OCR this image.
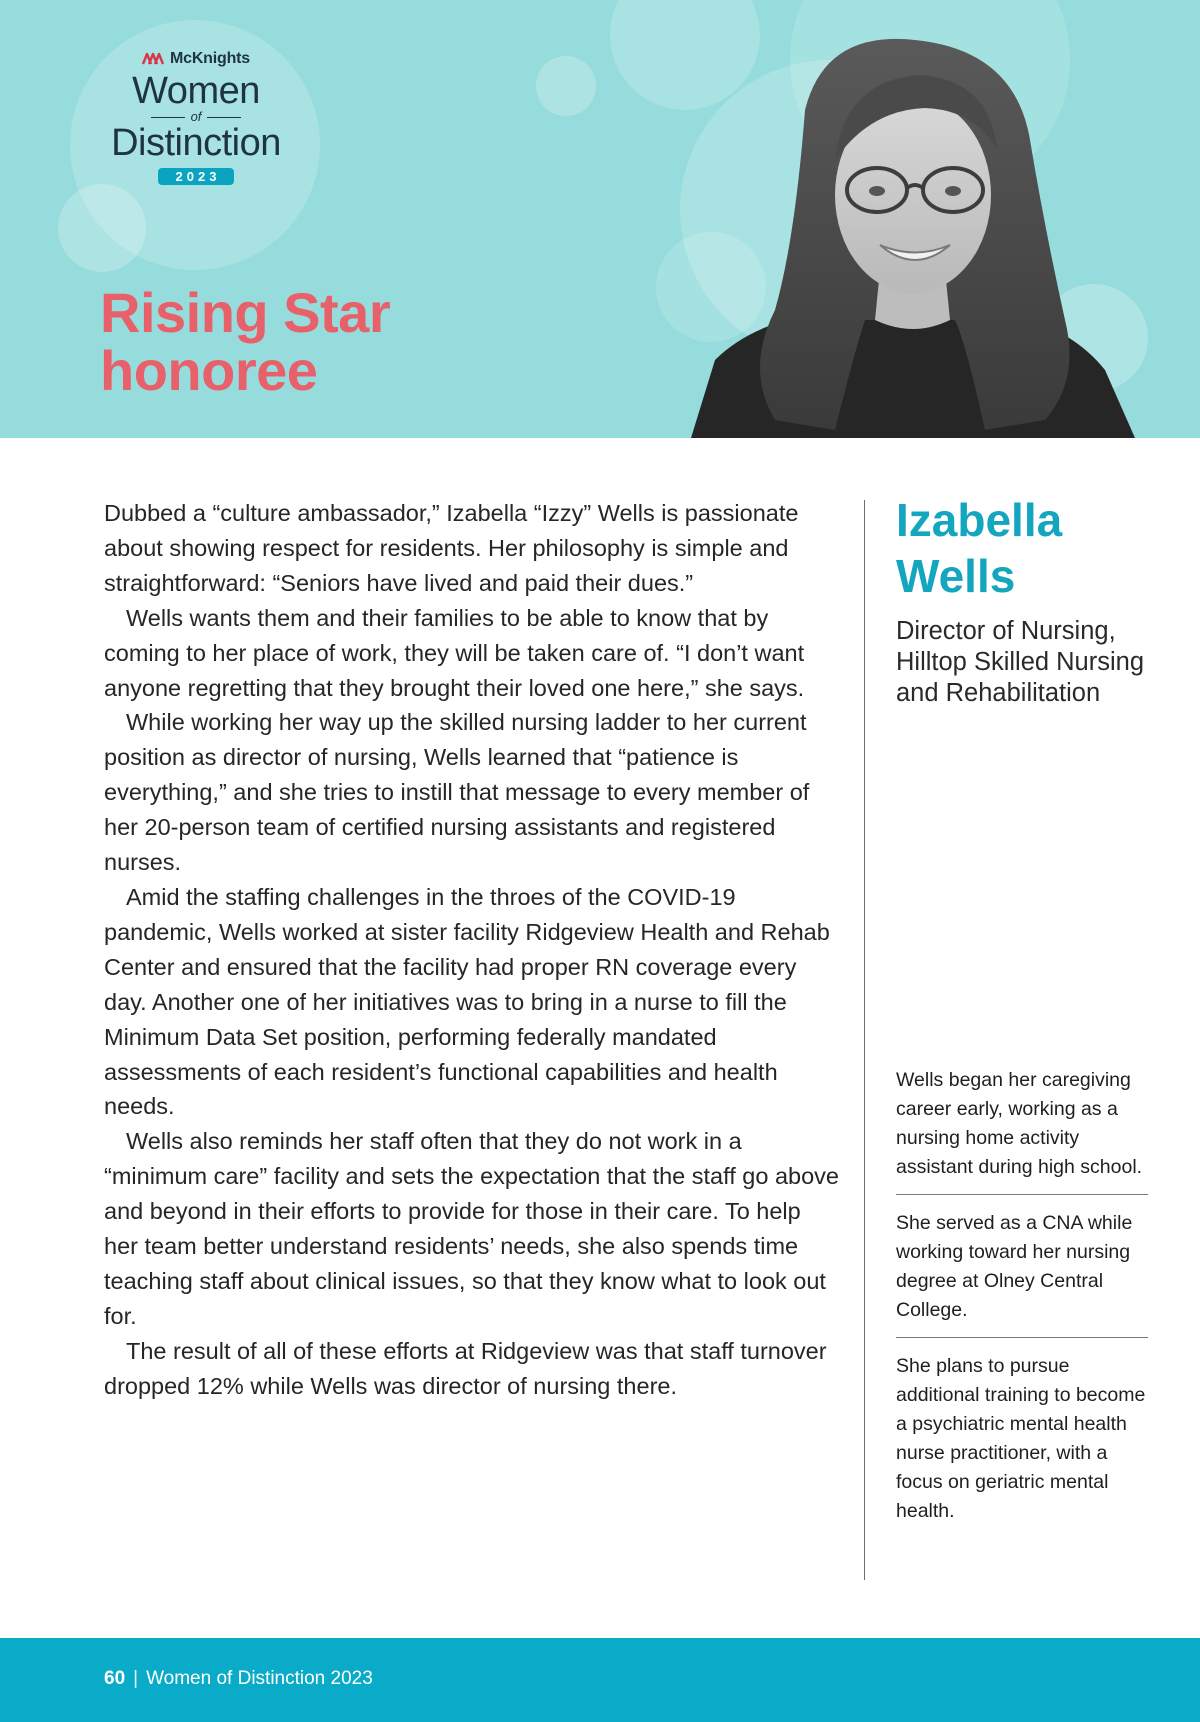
McKnights
Women
of
Distinction
2023
Rising Star
honoree

Dubbed a “culture ambassador,” Izabella “Izzy” Wells is passionate about showing respect for residents. Her philosophy is simple and straightforward: “Seniors have lived and paid their dues.”

Wells wants them and their families to be able to know that by coming to her place of work, they will be taken care of. “I don’t want anyone regretting that they brought their loved one here,” she says.

While working her way up the skilled nursing ladder to her current position as director of nursing, Wells learned that “patience is everything,” and she tries to instill that message to every member of her 20-person team of certified nursing assistants and registered nurses.

Amid the staffing challenges in the throes of the COVID-19 pandemic, Wells worked at sister facility Ridgeview Health and Rehab Center and ensured that the facility had proper RN coverage every day. Another one of her initiatives was to bring in a nurse to fill the Minimum Data Set position, performing federally mandated assessments of each resident’s functional capabilities and health needs.

Wells also reminds her staff often that they do not work in a “minimum care” facility and sets the expectation that the staff go above and beyond in their efforts to provide for those in their care. To help her team better understand residents’ needs, she also spends time teaching staff about clinical issues, so that they know what to look out for.

The result of all of these efforts at Ridgeview was that staff turnover dropped 12% while Wells was director of nursing there.

Izabella
Wells
Director of Nursing, Hilltop Skilled Nursing and Rehabilitation
Wells began her caregiving career early, working as a nursing home activity assistant during high school.
She served as a CNA while working toward her nursing degree at Olney Central College.
She plans to pursue additional training to become a psychiatric mental health nurse practitioner, with a focus on geriatric mental health.
60 | Women of Distinction 2023
